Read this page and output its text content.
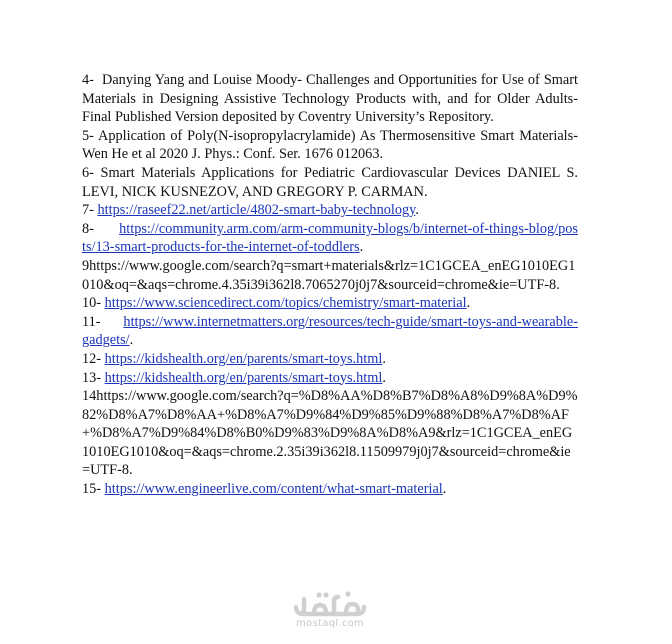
4- Danying Yang and Louise Moody- Challenges and Opportunities for Use of Smart Materials in Designing Assistive Technology Products with, and for Older Adults- Final Published Version deposited by Coventry University’s Repository.

5- Application of Poly(N-isopropylacrylamide) As Thermosensitive Smart Materials- Wen He et al 2020 J. Phys.: Conf. Ser. 1676 012063.

6- Smart Materials Applications for Pediatric Cardiovascular Devices DANIEL S. LEVI, NICK KUSNEZOV, AND GREGORY P. CARMAN.

7- https://raseef22.net/article/4802-smart-baby-technology.

8- https://community.arm.com/arm-community-blogs/b/internet-of-things-blog/posts/13-smart-products-for-the-internet-of-toddlers.

9https://www.google.com/search?q=smart+materials&rlz=1C1GCEA_enEG1010EG1010&oq=&aqs=chrome.4.35i39i362l8.7065270j0j7&sourceid=chrome&ie=UTF-8.

10- https://www.sciencedirect.com/topics/chemistry/smart-material.

11- https://www.internetmatters.org/resources/tech-guide/smart-toys-and-wearable-gadgets/.

12- https://kidshealth.org/en/parents/smart-toys.html.

13- https://kidshealth.org/en/parents/smart-toys.html.

14https://www.google.com/search?q=%D8%AA%D8%B7%D8%A8%D9%8A%D9%82%D8%A7%D8%AA+%D8%A7%D9%84%D9%85%D9%88%D8%A7%D8%AF+%D8%A7%D9%84%D8%B0%D9%83%D9%8A%D8%A9&rlz=1C1GCEA_enEG1010EG1010&oq=&aqs=chrome.2.35i39i362l8.11509979j0j7&sourceid=chrome&ie=UTF-8.

15- https://www.engineerlive.com/content/what-smart-material.

mostaql.com
